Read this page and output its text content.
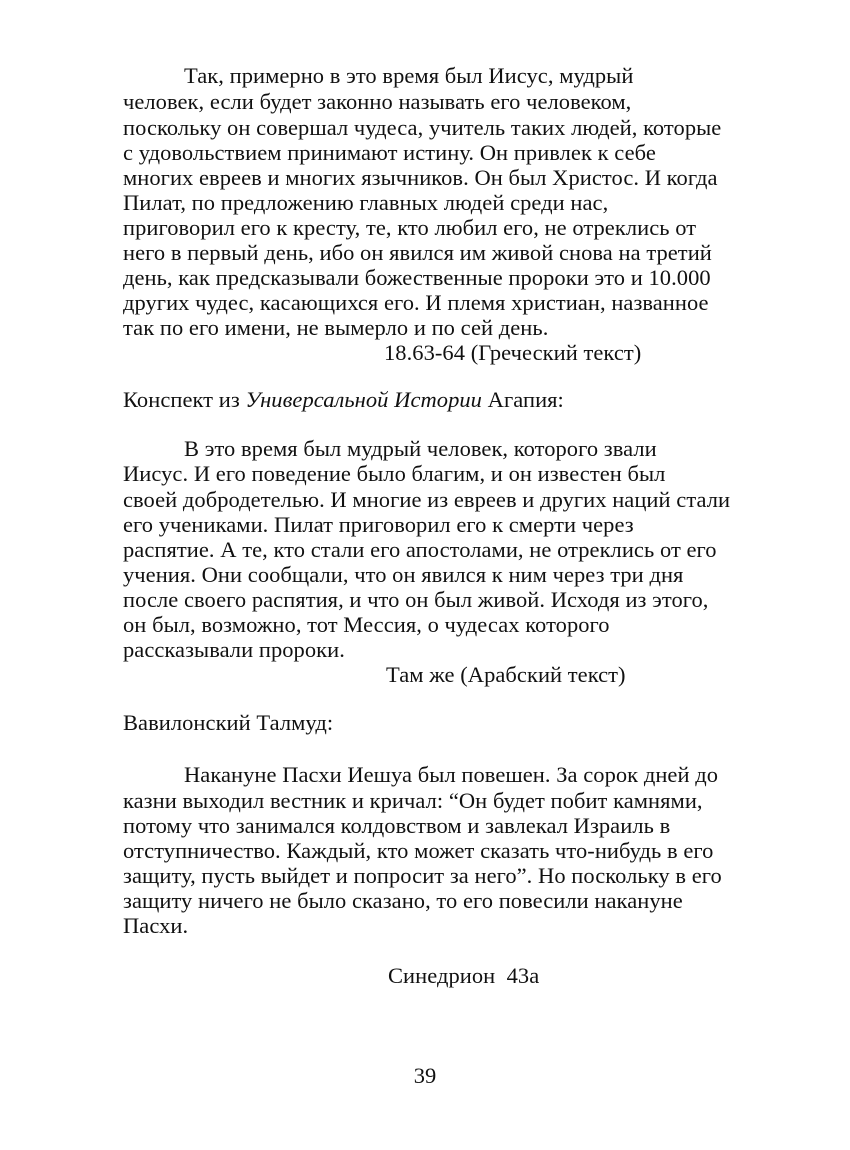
Так, примерно в это время был Иисус, мудрый
человек, если будет законно называть его человеком,
поскольку он совершал чудеса, учитель таких людей, которые
с удовольствием принимают истину. Он привлек к себе
многих евреев и многих язычников. Он был Христос. И когда
Пилат, по предложению главных людей среди нас,
приговорил его к кресту, те, кто любил его, не отреклись от
него в первый день, ибо он явился им живой снова на третий
день, как предсказывали божественные пророки это и 10.000
других чудес, касающихся его. И племя христиан, названное
так по его имени, не вымерло и по сей день.
18.63-64 (Греческий текст)
Конспект из Универсальной Истории Агапия:
В это время был мудрый человек, которого звали
Иисус. И его поведение было благим, и он известен был
своей добродетелью. И многие из евреев и других наций стали
его учениками. Пилат приговорил его к смерти через
распятие. А те, кто стали его апостолами, не отреклись от его
учения. Они сообщали, что он явился к ним через три дня
после своего распятия, и что он был живой. Исходя из этого,
он был, возможно, тот Мессия, о чудесах которого
рассказывали пророки.
Там же (Арабский текст)
Вавилонский Талмуд:
Накануне Пасхи Иешуа был повешен. За сорок дней до
казни выходил вестник и кричал: “Он будет побит камнями,
потому что занимался колдовством и завлекал Израиль в
отступничество. Каждый, кто может сказать что-нибудь в его
защиту, пусть выйдет и попросит за него”. Но поскольку в его
защиту ничего не было сказано, то его повесили накануне
Пасхи.
Синедрион  43а
39
